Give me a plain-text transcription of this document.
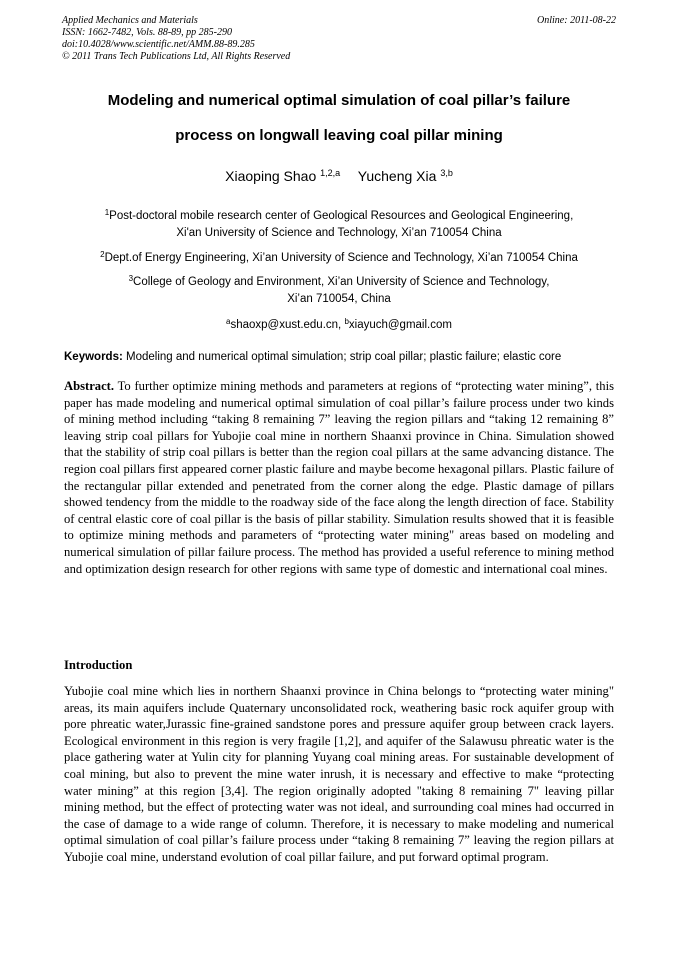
Applied Mechanics and Materials
ISSN: 1662-7482, Vols. 88-89, pp 285-290
doi:10.4028/www.scientific.net/AMM.88-89.285
© 2011 Trans Tech Publications Ltd, All Rights Reserved
Online: 2011-08-22
Modeling and numerical optimal simulation of coal pillar’s failure
process on longwall leaving coal pillar mining
Xiaoping Shao $^{1,2,a}$ Yucheng Xia $^{3,b}$
$^1$Post-doctoral mobile research center of Geological Resources and Geological Engineering,
Xi'an University of Science and Technology, Xi’an 710054 China
$^2$Dept.of Energy Engineering, Xi’an University of Science and Technology, Xi’an 710054 China
$^3$College of Geology and Environment, Xi’an University of Science and Technology,
Xi’an 710054, China
$^a$shaoxp@xust.edu.cn, $^b$xiayuch@gmail.com
Keywords: Modeling and numerical optimal simulation; strip coal pillar; plastic failure; elastic core
Abstract. To further optimize mining methods and parameters at regions of “protecting water mining”, this paper has made modeling and numerical optimal simulation of coal pillar’s failure process under two kinds of mining method including “taking 8 remaining 7” leaving the region pillars and “taking 12 remaining 8” leaving strip coal pillars for Yubojie coal mine in northern Shaanxi province in China. Simulation showed that the stability of strip coal pillars is better than the region coal pillars at the same advancing distance. The region coal pillars first appeared corner plastic failure and maybe become hexagonal pillars. Plastic failure of the rectangular pillar extended and penetrated from the corner along the edge. Plastic damage of pillars showed tendency from the middle to the roadway side of the face along the length direction of face. Stability of central elastic core of coal pillar is the basis of pillar stability. Simulation results showed that it is feasible to optimize mining methods and parameters of “protecting water mining" areas based on modeling and numerical simulation of pillar failure process. The method has provided a useful reference to mining method and optimization design research for other regions with same type of domestic and international coal mines.
Introduction
Yubojie coal mine which lies in northern Shaanxi province in China belongs to “protecting water mining" areas, its main aquifers include Quaternary unconsolidated rock, weathering basic rock aquifer group with pore phreatic water,Jurassic fine-grained sandstone pores and pressure aquifer group between crack layers. Ecological environment in this region is very fragile [1,2], and aquifer of the Salawusu phreatic water is the place gathering water at Yulin city for planning Yuyang coal mining areas. For sustainable development of coal mining, but also to prevent the mine water inrush, it is necessary and effective to make “protecting water mining” at this region [3,4]. The region originally adopted "taking 8 remaining 7" leaving pillar mining method, but the effect of protecting water was not ideal, and surrounding coal mines had occurred in the case of damage to a wide range of column. Therefore, it is necessary to make modeling and numerical optimal simulation of coal pillar’s failure process under “taking 8 remaining 7” leaving the region pillars at Yubojie coal mine, understand evolution of coal pillar failure, and put forward optimal program.
